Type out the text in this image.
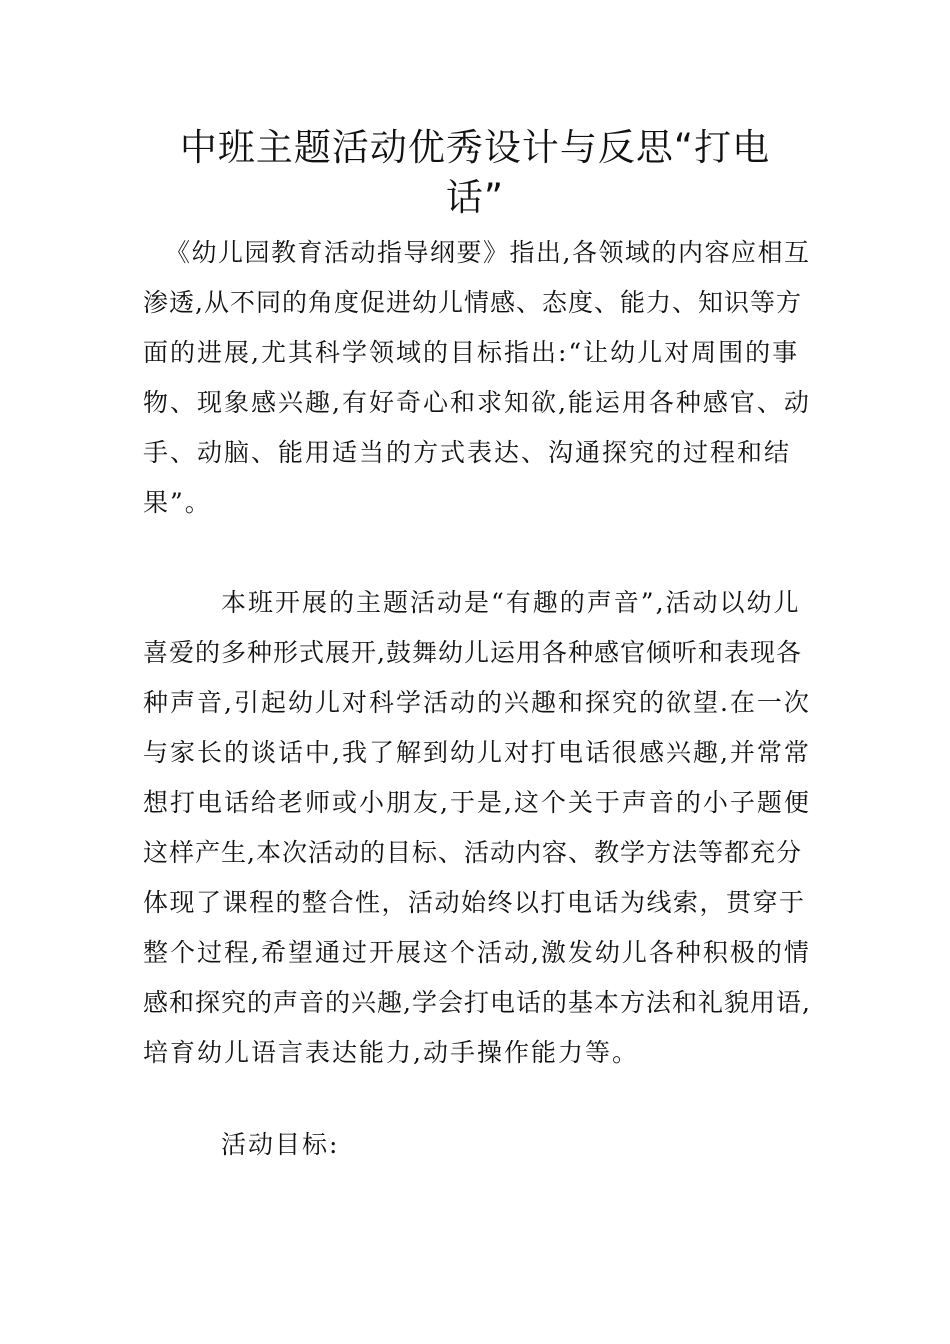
中班主题活动优秀设计与反思“打电
话”
《幼儿园教育活动指导纲要》指出,各领域的内容应相互
渗透,从不同的角度促进幼儿情感、态度、能力、知识等方
面的进展,尤其科学领域的目标指出:“让幼儿对周围的事
物、现象感兴趣,有好奇心和求知欲,能运用各种感官、动
手、动脑、能用适当的方式表达、沟通探究的过程和结
果”。
本班开展的主题活动是“有趣的声音”,活动以幼儿
喜爱的多种形式展开,鼓舞幼儿运用各种感官倾听和表现各
种声音,引起幼儿对科学活动的兴趣和探究的欲望.在一次
与家长的谈话中,我了解到幼儿对打电话很感兴趣,并常常
想打电话给老师或小朋友,于是,这个关于声音的小子题便
这样产生,本次活动的目标、活动内容、教学方法等都充分
体现了课程的整合性，活动始终以打电话为线索，贯穿于
整个过程,希望通过开展这个活动,激发幼儿各种积极的情
感和探究的声音的兴趣,学会打电话的基本方法和礼貌用语,
培育幼儿语言表达能力,动手操作能力等。
活动目标:
